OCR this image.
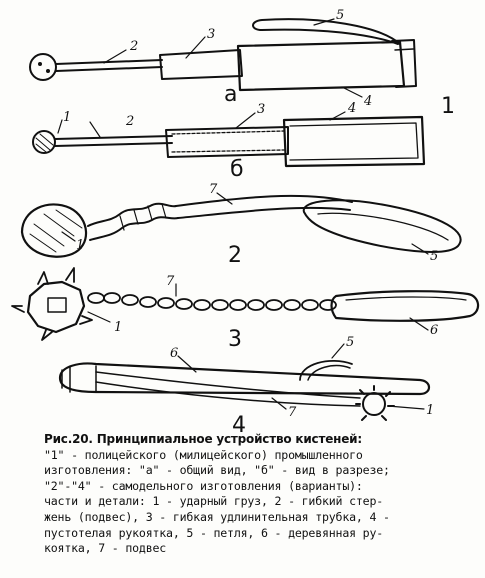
2
3
5
4
а	1
1	2
3	4
б
7
1
5
2
7
1	6
3
6
5
7	1
4
Рис.20. Принципиальное устройство кистеней:
"1" - полицейского (милицейского) промышленного
изготовления: "а" - общий вид, "б" - вид в разрезе;
"2"-"4" - самодельного изготовления (варианты):
части и детали: 1 - ударный груз, 2 - гибкий стер-
жень (подвес), 3 - гибкая удлинительная трубка, 4 -
пустотелая рукоятка, 5 - петля, 6 - деревянная ру-
коятка, 7 - подвес
